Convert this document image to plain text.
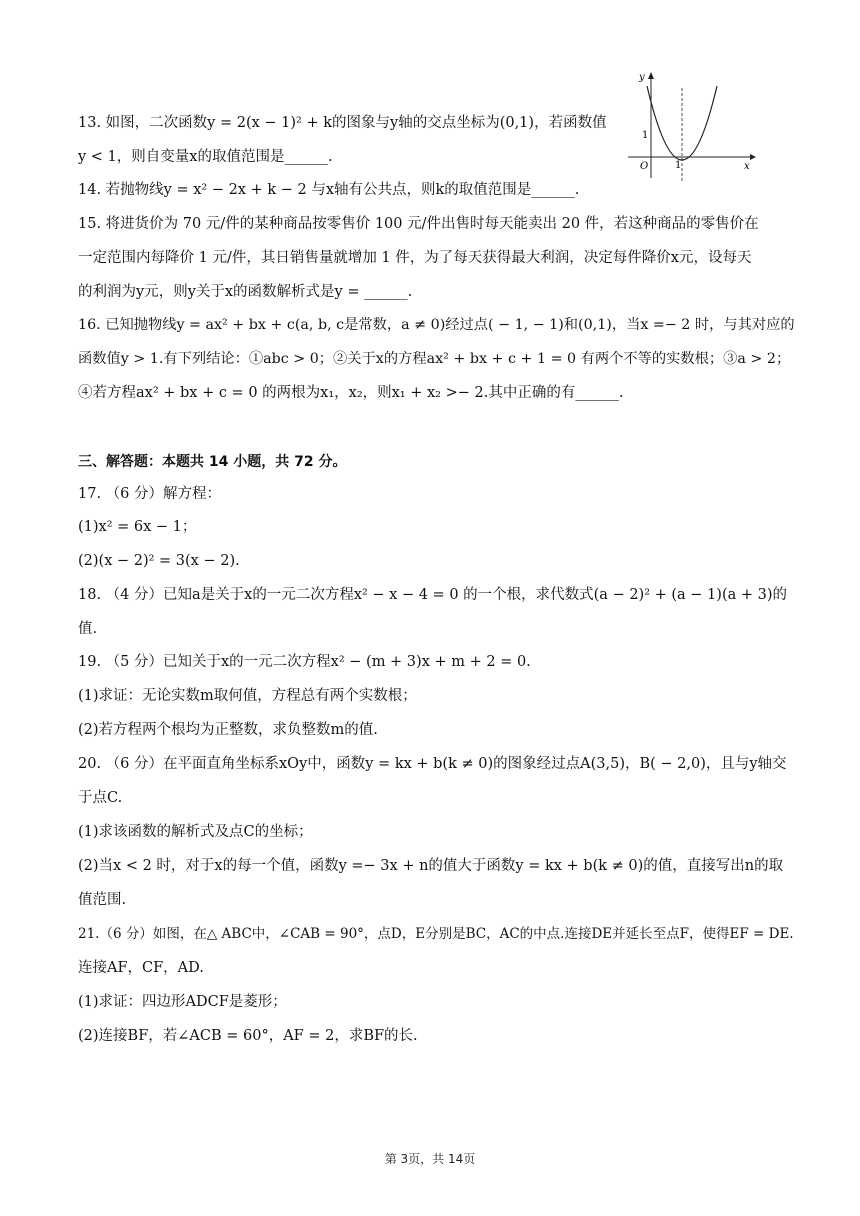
y
x
O	1
1
13. 如图，二次函数y = 2(x − 1)² + k的图象与y轴的交点坐标为(0,1)，若函数值
y < 1，则自变量x的取值范围是______.
14. 若抛物线y = x² − 2x + k − 2 与x轴有公共点，则k的取值范围是______.
15. 将进货价为 70 元/件的某种商品按零售价 100 元/件出售时每天能卖出 20 件，若这种商品的零售价在
一定范围内每降价 1 元/件，其日销售量就增加 1 件，为了每天获得最大利润，决定每件降价x元，设每天
的利润为y元，则y关于x的函数解析式是y = ______.
16. 已知抛物线y = ax² + bx + c(a, b, c是常数，a ≠ 0)经过点( − 1, − 1)和(0,1)，当x =− 2 时，与其对应的
函数值y > 1.有下列结论：①abc > 0；②关于x的方程ax² + bx + c + 1 = 0 有两个不等的实数根；③a > 2；
④若方程ax² + bx + c = 0 的两根为x₁，x₂，则x₁ + x₂ >− 2.其中正确的有______.
三、解答题：本题共 14 小题，共 72 分。
17. （6 分）解方程：
(1)x² = 6x − 1；
(2)(x − 2)² = 3(x − 2).
18. （4 分）已知a是关于x的一元二次方程x² − x − 4 = 0 的一个根，求代数式(a − 2)² + (a − 1)(a + 3)的
值.
19. （5 分）已知关于x的一元二次方程x² − (m + 3)x + m + 2 = 0.
(1)求证：无论实数m取何值，方程总有两个实数根；
(2)若方程两个根均为正整数，求负整数m的值.
20. （6 分）在平面直角坐标系xOy中，函数y = kx + b(k ≠ 0)的图象经过点A(3,5)，B( − 2,0)，且与y轴交
于点C.
(1)求该函数的解析式及点C的坐标；
(2)当x < 2 时，对于x的每一个值，函数y =− 3x + n的值大于函数y = kx + b(k ≠ 0)的值，直接写出n的取
值范围.
21.（6 分）如图，在△ ABC中，∠CAB = 90°，点D，E分别是BC，AC的中点.连接DE并延长至点F，使得EF = DE.
连接AF，CF，AD.
(1)求证：四边形ADCF是菱形；
(2)连接BF，若∠ACB = 60°，AF = 2，求BF的长.
第 3页，共 14页
